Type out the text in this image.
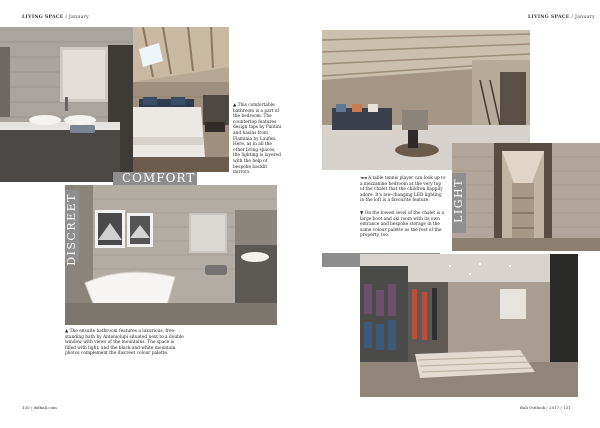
LIVING SPACE / January	LIVING SPACE / January
COMFORT
▲ This comfortable bathroom is a part of the bedroom. The countertop features design taps by Fantini and basins from Flaminia by Laufen. Here, as in all the other living spaces, the lighting is layered with the help of bespoke backlit mirrors.
DISCREET
▲ The ensuite bathroom features a luxurious, free-standing bath by Antoniolupi situated next to a double window with views of the mountains. The space is filled with light, and the black-and-white mountain photos complement the discreet colour palette.
130 / dsfbali.com
LIGHT
◄◄ A table tennis player can look up to a mezzanine bedroom at the very top of the chalet that the children happily adore. It's low-changing LED lighting in the loft is a favourite feature.
▼ On the lowest level of the chalet is a large boot and ski room with its own entrance and bespoke storage in the same colour palette as the rest of the property, too.
Bali Outlook / 2017 / 131
